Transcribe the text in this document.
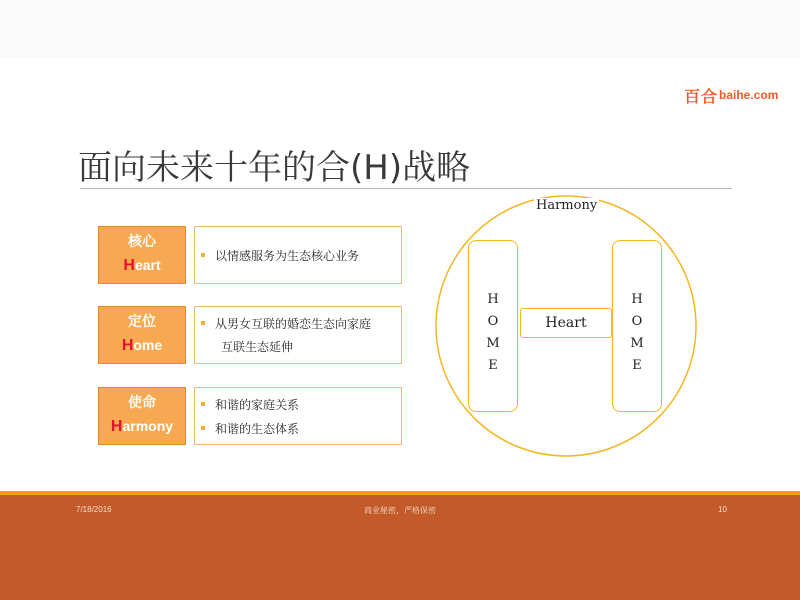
百合 baihe.com
面向未来十年的合(H)战略
核心
Heart
以情感服务为生态核心业务
定位
Home
从男女互联的婚恋生态向家庭
互联生态延伸
使命
Harmony
和谐的家庭关系
和谐的生态体系
Harmony
H
O
M
E
Heart
H
O
M
E
7/18/2016	商业秘密，严格保密	10
